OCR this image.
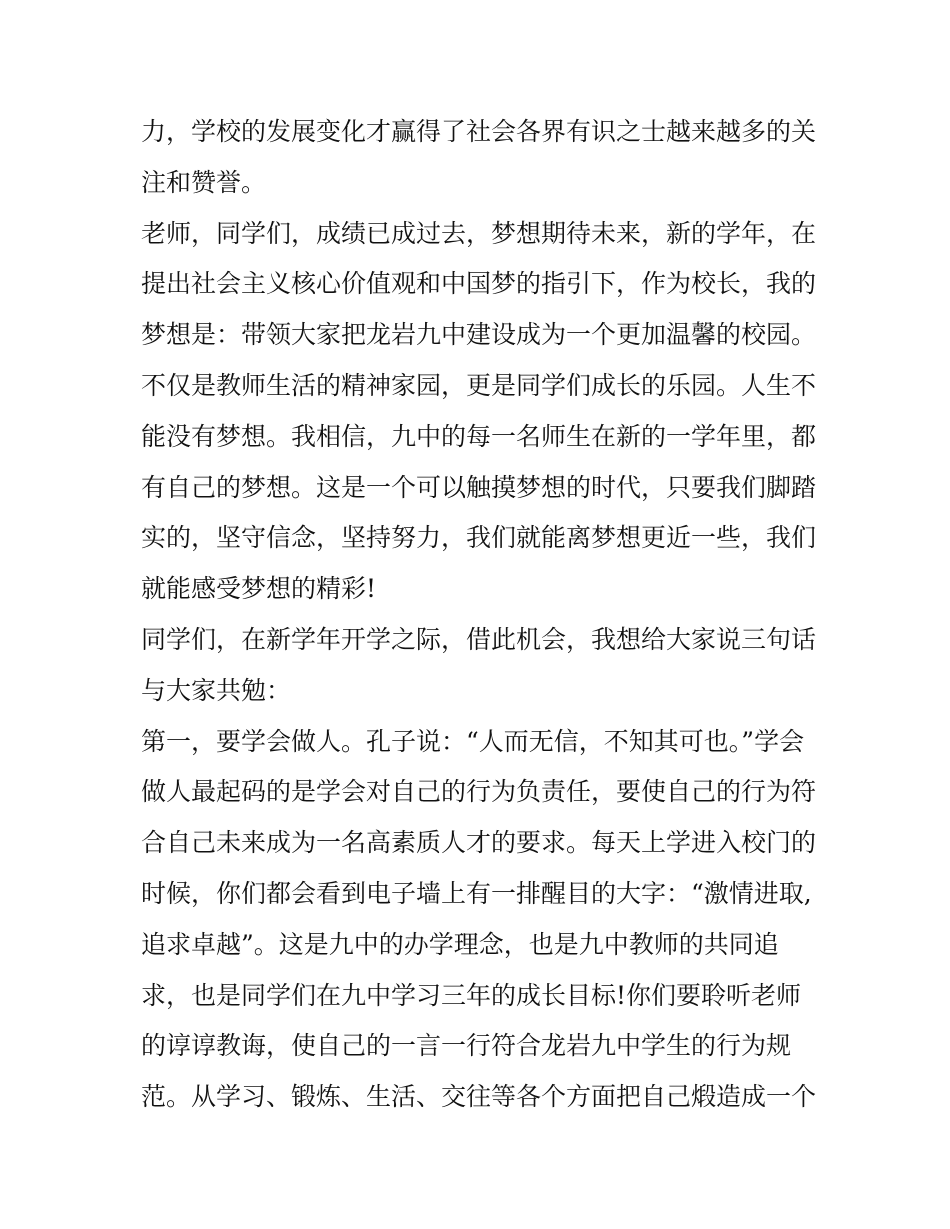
力，学校的发展变化才赢得了社会各界有识之士越来越多的关
注和赞誉。
老师，同学们，成绩已成过去，梦想期待未来，新的学年，在
提出社会主义核心价值观和中国梦的指引下，作为校长，我的
梦想是：带领大家把龙岩九中建设成为一个更加温馨的校园。
不仅是教师生活的精神家园，更是同学们成长的乐园。人生不
能没有梦想。我相信，九中的每一名师生在新的一学年里，都
有自己的梦想。这是一个可以触摸梦想的时代，只要我们脚踏
实的，坚守信念，坚持努力，我们就能离梦想更近一些，我们
就能感受梦想的精彩!
同学们，在新学年开学之际，借此机会，我想给大家说三句话
与大家共勉：
第一，要学会做人。孔子说：“人而无信，不知其可也。”学会
做人最起码的是学会对自己的行为负责任，要使自己的行为符
合自己未来成为一名高素质人才的要求。每天上学进入校门的
时候，你们都会看到电子墙上有一排醒目的大字：“激情进取,
追求卓越”。这是九中的办学理念，也是九中教师的共同追
求，也是同学们在九中学习三年的成长目标!你们要聆听老师
的谆谆教诲，使自己的一言一行符合龙岩九中学生的行为规
范。从学习、锻炼、生活、交往等各个方面把自己煅造成一个
